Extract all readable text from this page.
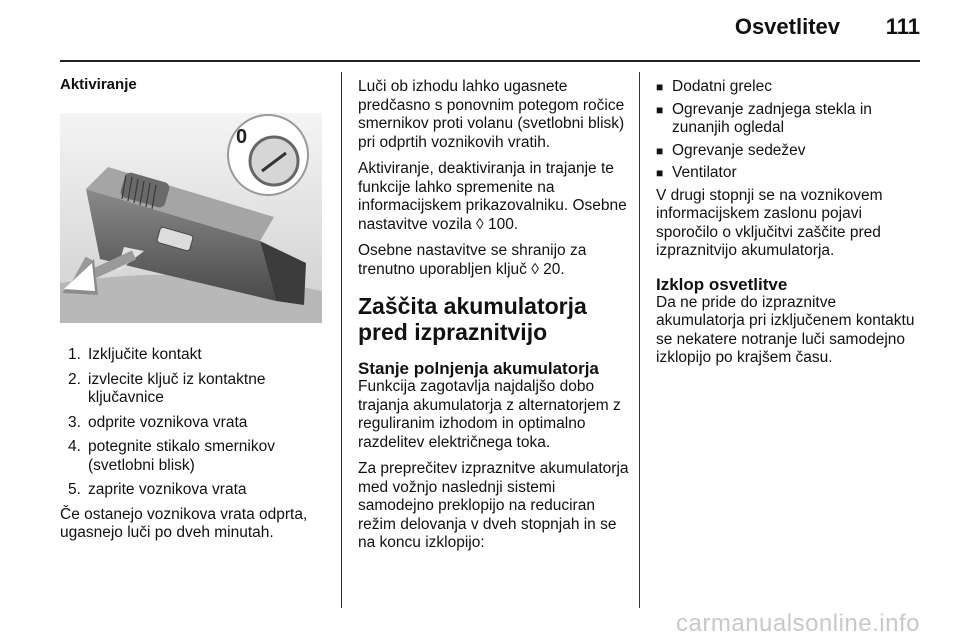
Osvetlitev	111
Aktiviranje
0
1. Izključite kontakt
2. izvlecite ključ iz kontaktne ključavnice
3. odprite voznikova vrata
4. potegnite stikalo smernikov (svetlobni blisk)
5. zaprite voznikova vrata

Če ostanejo voznikova vrata odprta, ugasnejo luči po dveh minutah.

Luči ob izhodu lahko ugasnete predčasno s ponovnim potegom ročice smernikov proti volanu (svetlobni blisk) pri odprtih voznikovih vratih.

Aktiviranje, deaktiviranja in trajanje te funkcije lahko spremenite na informacijskem prikazovalniku. Osebne nastavitve vozila ◊ 100.

Osebne nastavitve se shranijo za trenutno uporabljen ključ ◊ 20.

Zaščita akumulatorja pred izpraznitvijo
Stanje polnjenja akumulatorja

Funkcija zagotavlja najdaljšo dobo trajanja akumulatorja z alternatorjem z reguliranim izhodom in optimalno razdelitev električnega toka.

Za preprečitev izpraznitve akumulatorja med vožnjo naslednji sistemi samodejno preklopijo na reduciran režim delovanja v dveh stopnjah in se na koncu izklopijo:

■ Dodatni grelec
■ Ogrevanje zadnjega stekla in zunanjih ogledal
■ Ogrevanje sedežev
■ Ventilator

V drugi stopnji se na voznikovem informacijskem zaslonu pojavi sporočilo o vključitvi zaščite pred izpraznitvijo akumulatorja.

Izklop osvetlitve

Da ne pride do izpraznitve akumulatorja pri izključenem kontaktu se nekatere notranje luči samodejno izklopijo po krajšem času.

carmanualsonline.info
